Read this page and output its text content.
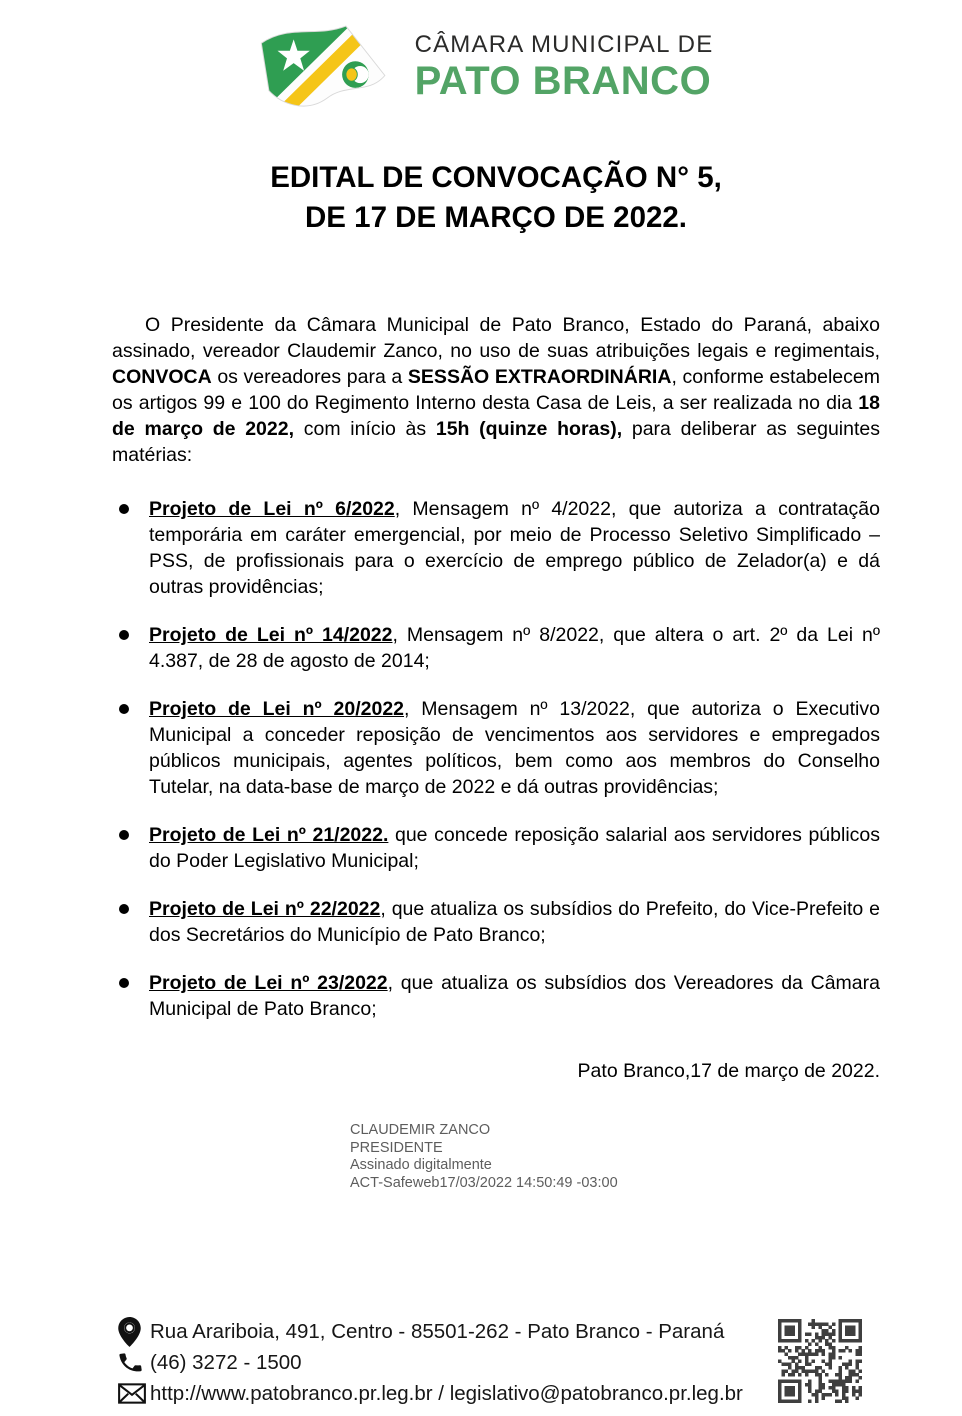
CÂMARA MUNICIPAL DE
PATO BRANCO
EDITAL DE CONVOCAÇÃO N° 5,
DE 17 DE MARÇO DE 2022.

O Presidente da Câmara Municipal de Pato Branco, Estado do Paraná, abaixo assinado, vereador Claudemir Zanco, no uso de suas atribuições legais e regimentais, CONVOCA os vereadores para a SESSÃO EXTRAORDINÁRIA, conforme estabelecem os artigos 99 e 100 do Regimento Interno desta Casa de Leis, a ser realizada no dia 18 de março de 2022, com início às 15h (quinze horas), para deliberar as seguintes matérias:

Projeto de Lei nº 6/2022, Mensagem nº 4/2022, que autoriza a contratação temporária em caráter emergencial, por meio de Processo Seletivo Simplificado – PSS, de profissionais para o exercício de emprego público de Zelador(a) e dá outras providências;
Projeto de Lei nº 14/2022, Mensagem nº 8/2022, que altera o art. 2º da Lei nº 4.387, de 28 de agosto de 2014;
Projeto de Lei nº 20/2022, Mensagem nº 13/2022, que autoriza o Executivo Municipal a conceder reposição de vencimentos aos servidores e empregados públicos municipais, agentes políticos, bem como aos membros do Conselho Tutelar, na data-base de março de 2022 e dá outras providências;
Projeto de Lei nº 21/2022. que concede reposição salarial aos servidores públicos do Poder Legislativo Municipal;
Projeto de Lei nº 22/2022, que atualiza os subsídios do Prefeito, do Vice-Prefeito e dos Secretários do Município de Pato Branco;
Projeto de Lei nº 23/2022, que atualiza os subsídios dos Vereadores da Câmara Municipal de Pato Branco;

Pato Branco,17 de março de 2022.

CLAUDEMIR ZANCO
PRESIDENTE
Assinado digitalmente
ACT-Safeweb17/03/2022 14:50:49 -03:00
Rua Arariboia, 491, Centro - 85501-262 - Pato Branco - Paraná
(46) 3272 - 1500
http://www.patobranco.pr.leg.br / legislativo@patobranco.pr.leg.br
